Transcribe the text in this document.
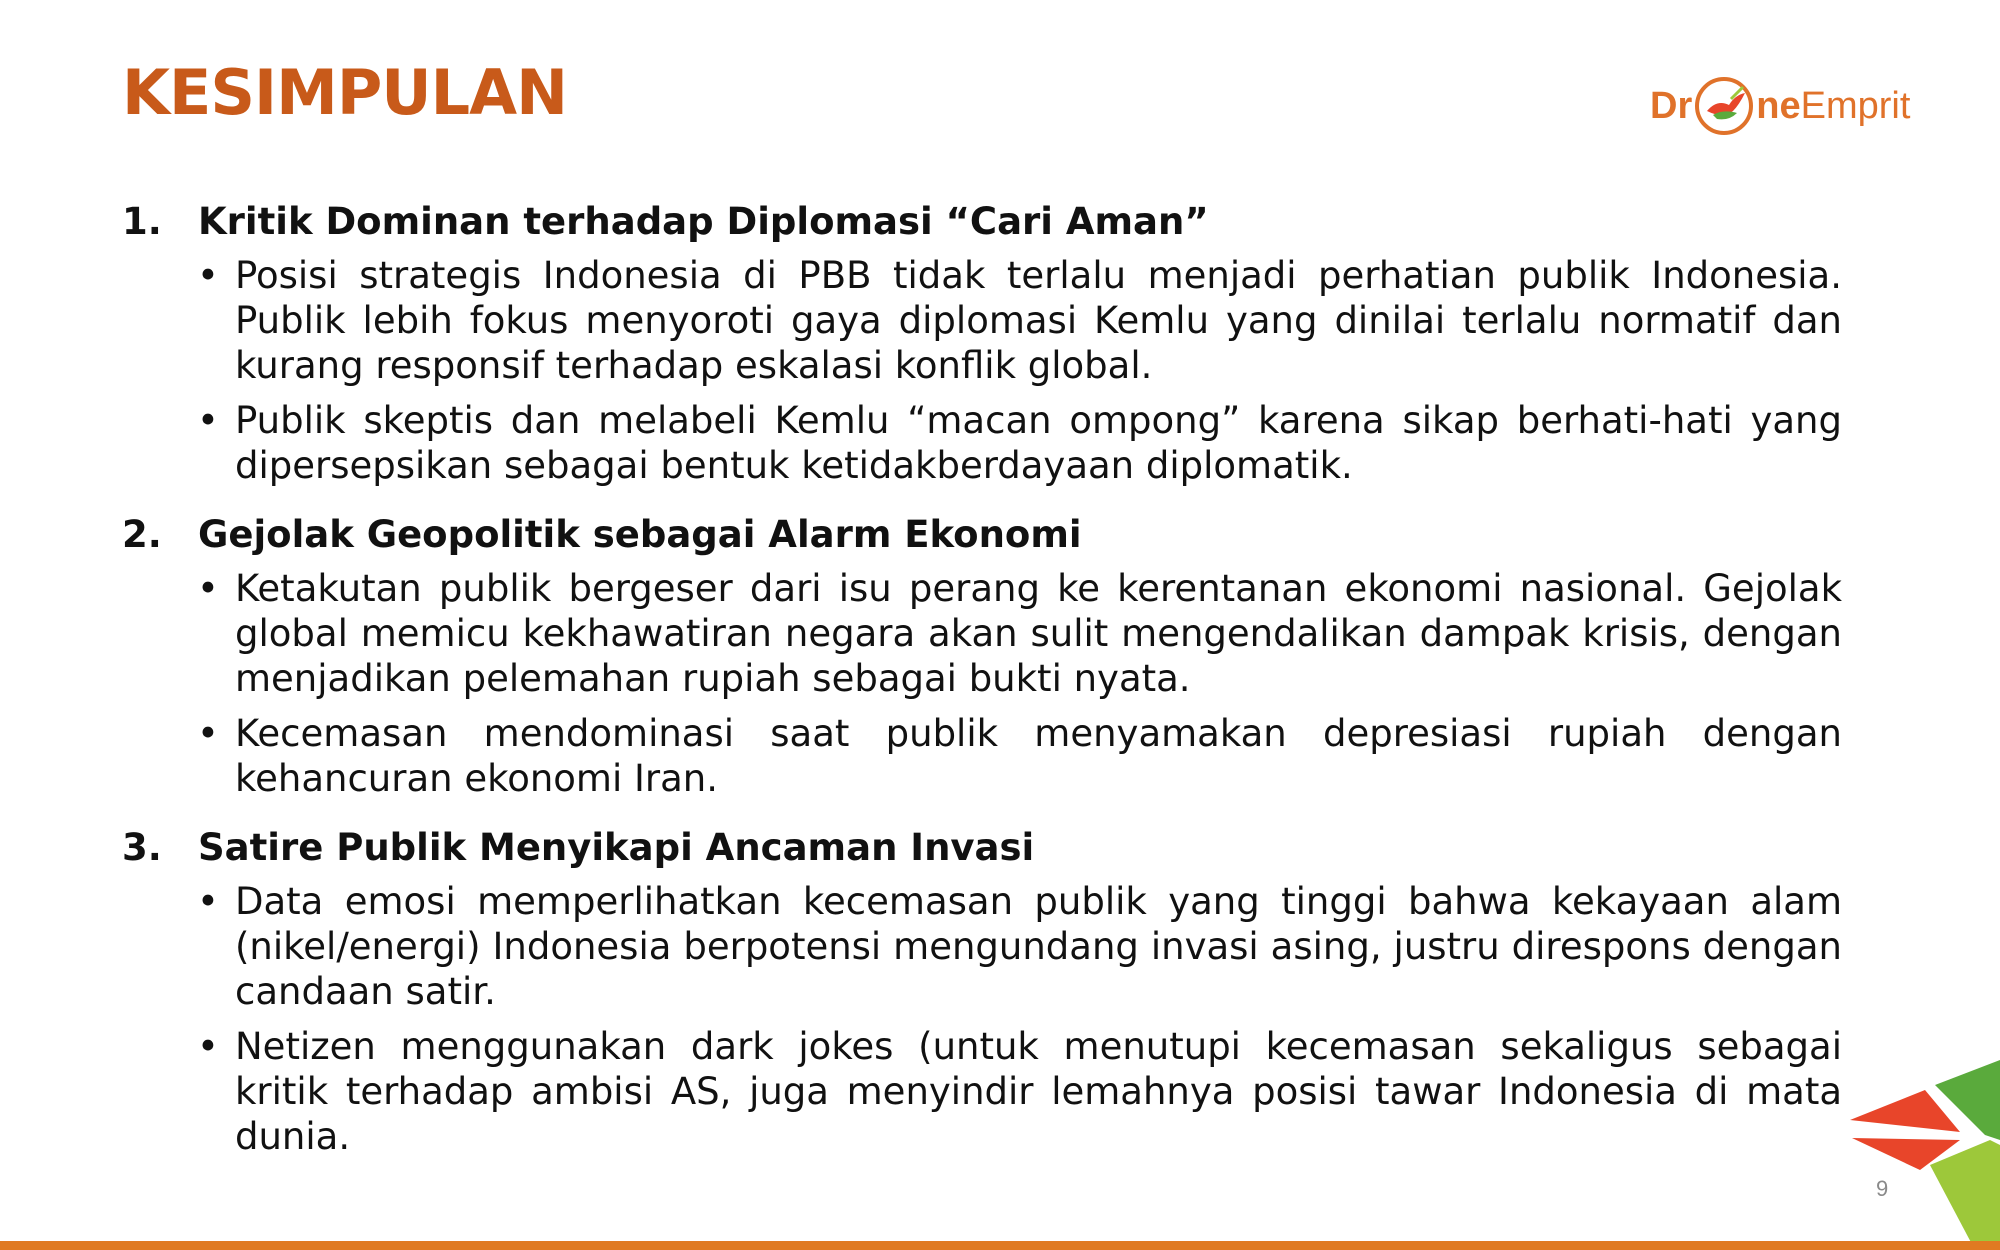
KESIMPULAN	Dr ne Emprit
1. Kritik Dominan terhadap Diplomasi “Cari Aman”
• Posisi strategis Indonesia di PBB tidak terlalu menjadi perhatian publik Indonesia. Publik lebih fokus menyoroti gaya diplomasi Kemlu yang dinilai terlalu normatif dan kurang responsif terhadap eskalasi konflik global.
• Publik skeptis dan melabeli Kemlu “macan ompong” karena sikap berhati-hati yang dipersepsikan sebagai bentuk ketidakberdayaan diplomatik.
2. Gejolak Geopolitik sebagai Alarm Ekonomi
• Ketakutan publik bergeser dari isu perang ke kerentanan ekonomi nasional. Gejolak global memicu kekhawatiran negara akan sulit mengendalikan dampak krisis, dengan menjadikan pelemahan rupiah sebagai bukti nyata.
• Kecemasan mendominasi saat publik menyamakan depresiasi rupiah dengan kehancuran ekonomi Iran.
3. Satire Publik Menyikapi Ancaman Invasi
• Data emosi memperlihatkan kecemasan publik yang tinggi bahwa kekayaan alam (nikel/energi) Indonesia berpotensi mengundang invasi asing, justru direspons dengan candaan satir.
• Netizen menggunakan dark jokes (untuk menutupi kecemasan sekaligus sebagai kritik terhadap ambisi AS, juga menyindir lemahnya posisi tawar Indonesia di mata dunia.
9
